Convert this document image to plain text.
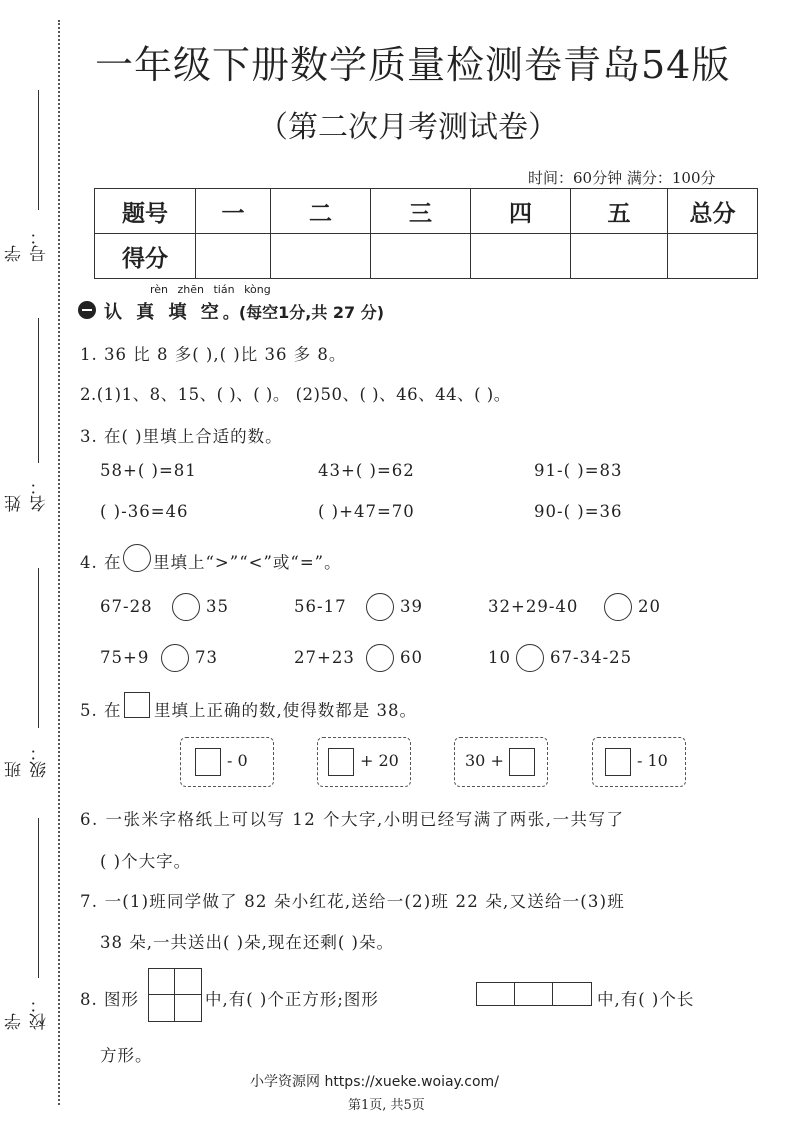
学号：
姓名：
班级：
学校：
一年级下册数学质量检测卷青岛54版
（第二次月考测试卷）
时间：60分钟 满分：100分
题号	一	二	三	四	五	总分
得分						
rèn zhēn tián kòng
认 真 填 空。(每空1分,共 27 分)
1. 36 比 8 多( ),( )比 36 多 8。
2.(1)1、8、15、( )、( )。 (2)50、( )、46、44、( )。
3. 在( )里填上合适的数。
58+( )=81	43+( )=62	91-( )=83
( )-36=46	( )+47=70	90-( )=36
4. 在 里填上“>”“<”或“=”。
67-28	35	56-17	39	32+29-40	20
75+9	73	27+23	60	10 67-34-25
5. 在 里填上正确的数,使得数都是 38。
- 0	+ 20	30 +	- 10
6. 一张米字格纸上可以写 12 个大字,小明已经写满了两张,一共写了
( )个大字。
7. 一(1)班同学做了 82 朵小红花,送给一(2)班 22 朵,又送给一(3)班
38 朵,一共送出( )朵,现在还剩( )朵。
8. 图形	中,有( )个正方形;图形	中,有( )个长
方形。
小学资源网 https://xueke.woiay.com/
第1页, 共5页
